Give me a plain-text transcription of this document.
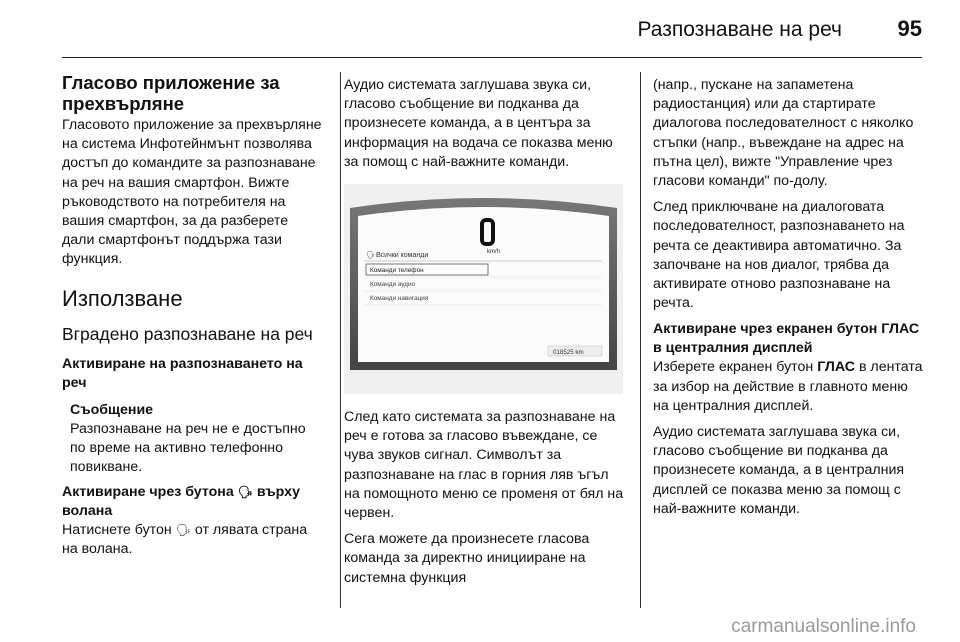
Разпознаване на реч	95
Гласово приложение за прехвърляне

Гласовото приложение за прехвърляне на система Инфотейнмънт позволява достъп до командите за разпознаване на реч на вашия смартфон. Вижте ръководството на потребителя на вашия смартфон, за да разберете дали смартфонът поддържа тази функция.

Използване
Вградено разпознаване на реч
Активиране на разпознаването на реч
Съобщение
Разпознаване на реч не е достъпно по време на активно телефонно повикване.
Активиране чрез бутона 🗣︎ върху волана

Натиснете бутон 🗣︎ от лявата страна на волана.

Аудио системата заглушава звука си, гласово съобщение ви подканва да произнесете команда, а в центъра за информация на водача се показва меню за помощ с най-важните команди.

km/h
🗣︎ Всички команди
Команди телефон
Команди аудио
Команди навигация
018525 km

След като системата за разпознаване на реч е готова за гласово въвеждане, се чува звуков сигнал. Символът за разпознаване на глас в горния ляв ъгъл на помощното меню се променя от бял на червен.

Сега можете да произнесете гласова команда за директно иницииране на системна функция

(напр., пускане на запаметена радиостанция) или да стартирате диалогова последователност с няколко стъпки (напр., въвеждане на адрес на пътна цел), вижте "Управление чрез гласови команди" по-долу.

След приключване на диалоговата последователност, разпознаването на речта се деактивира автоматично. За започване на нов диалог, трябва да активирате отново разпознаване на речта.

Активиране чрез екранен бутон ГЛАС в централния дисплей

Изберете екранен бутон ГЛАС в лентата за избор на действие в главното меню на централния дисплей.

Аудио системата заглушава звука си, гласово съобщение ви подканва да произнесете команда, а в централния дисплей се показва меню за помощ с най-важните команди.

carmanualsonline.info
